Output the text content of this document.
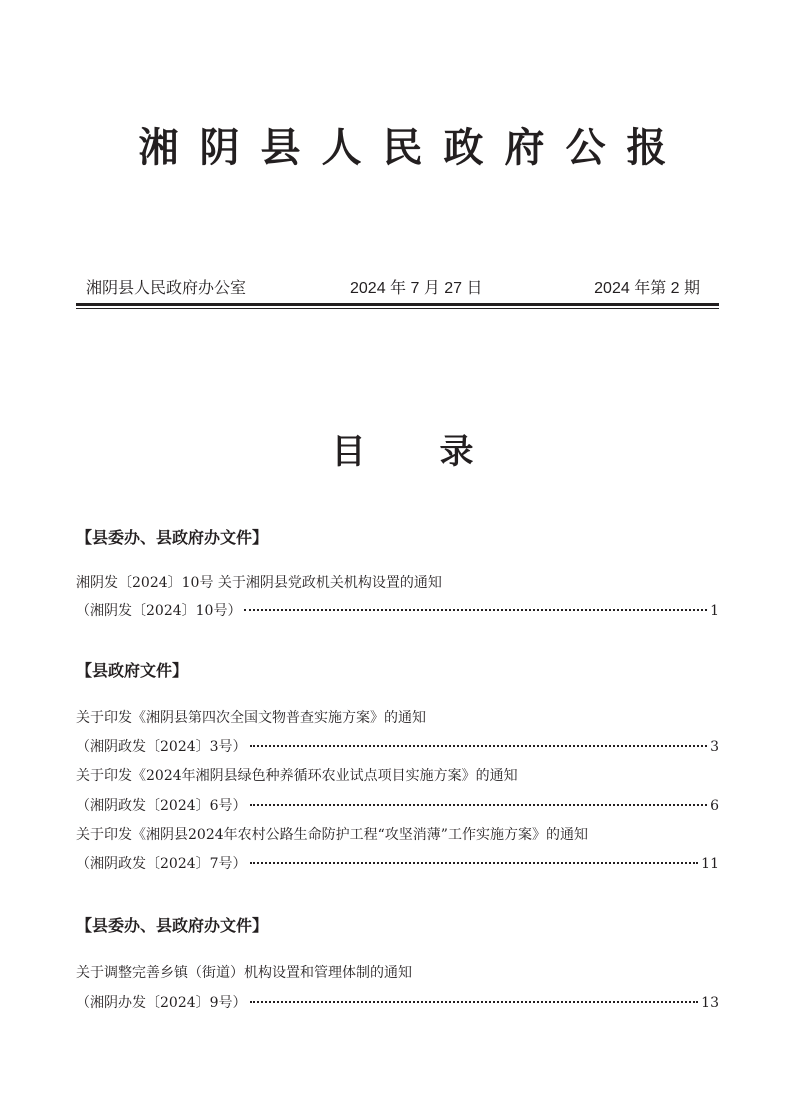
湘阴县人民政府公报
湘阴县人民政府办公室	2024 年 7 月 27 日	2024 年第 2 期
目录
【县委办、县政府办文件】
湘阴发〔2024〕10号 关于湘阴县党政机关机构设置的通知
（湘阴发〔2024〕10号）	1
【县政府文件】
关于印发《湘阴县第四次全国文物普查实施方案》的通知
（湘阴政发〔2024〕3号）	3
关于印发《2024年湘阴县绿色种养循环农业试点项目实施方案》的通知
（湘阴政发〔2024〕6号）	6
关于印发《湘阴县2024年农村公路生命防护工程“攻坚消薄”工作实施方案》的通知
（湘阴政发〔2024〕7号）	11
【县委办、县政府办文件】
关于调整完善乡镇（街道）机构设置和管理体制的通知
（湘阴办发〔2024〕9号）	13
